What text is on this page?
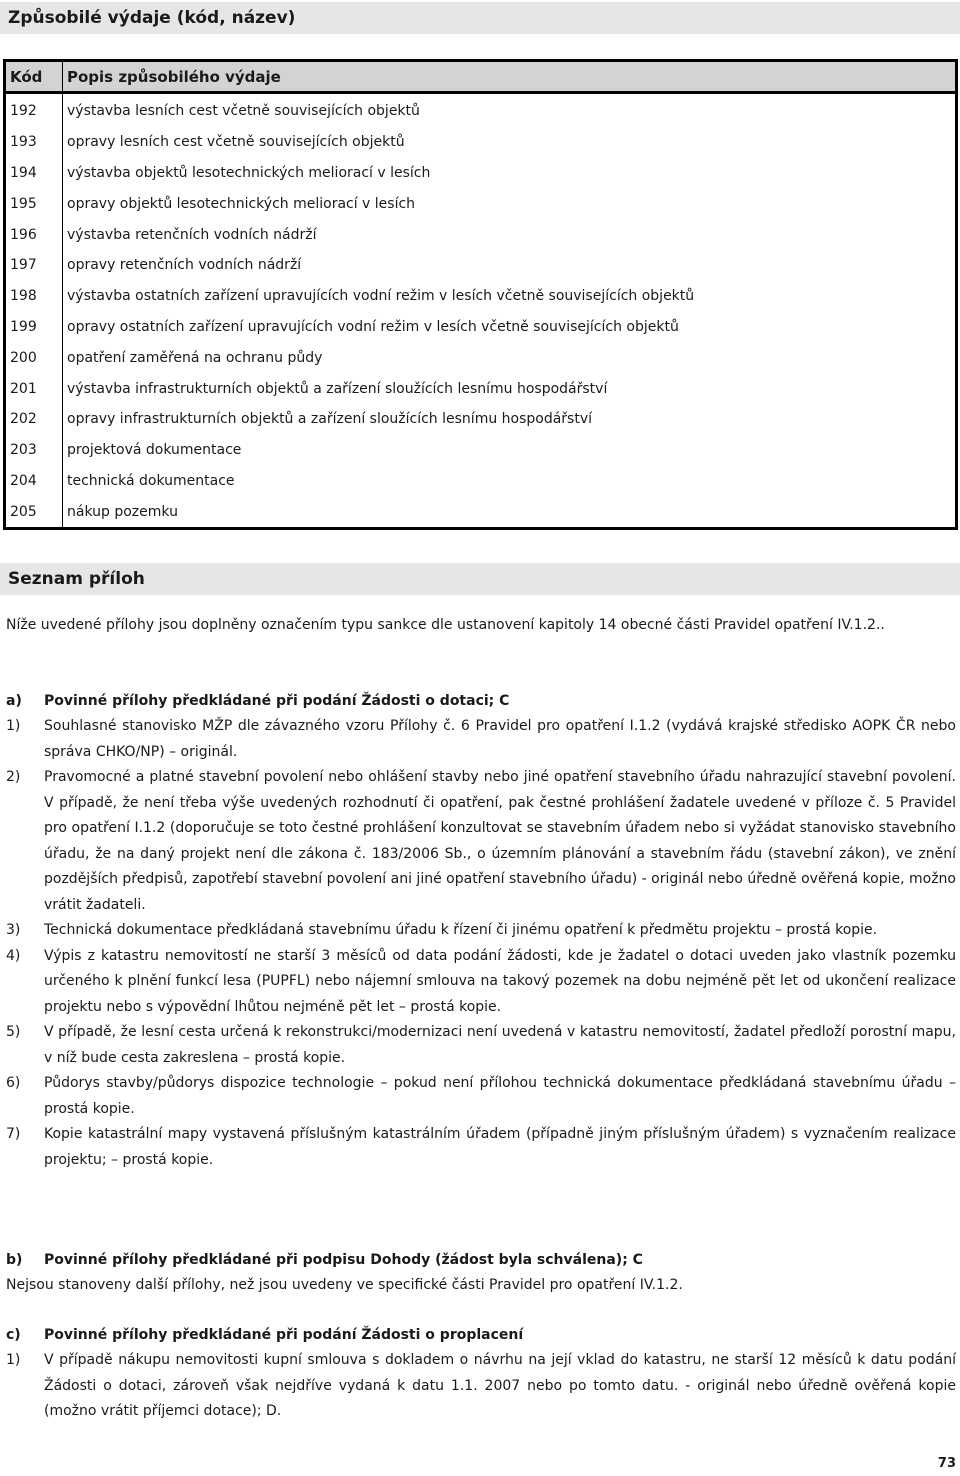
Způsobilé výdaje (kód, název)
Kód	Popis způsobilého výdaje
192	výstavba lesních cest včetně souvisejících objektů
193	opravy lesních cest včetně souvisejících objektů
194	výstavba objektů lesotechnických meliorací v lesích
195	opravy objektů lesotechnických meliorací v lesích
196	výstavba retenčních vodních nádrží
197	opravy retenčních vodních nádrží
198	výstavba ostatních zařízení upravujících vodní režim v lesích včetně souvisejících objektů
199	opravy ostatních zařízení upravujících vodní režim v lesích včetně souvisejících objektů
200	opatření zaměřená na ochranu půdy
201	výstavba infrastrukturních objektů a zařízení sloužících lesnímu hospodářství
202	opravy infrastrukturních objektů a zařízení sloužících lesnímu hospodářství
203	projektová dokumentace
204	technická dokumentace
205	nákup pozemku
Seznam příloh
Níže uvedené přílohy jsou doplněny označením typu sankce dle ustanovení kapitoly 14 obecné části Pravidel opatření IV.1.2..
a) Povinné přílohy předkládané při podání Žádosti o dotaci; C
1)	Souhlasné stanovisko MŽP dle závazného vzoru Přílohy č. 6 Pravidel pro opatření I.1.2 (vydává krajské středisko AOPK ČR nebo správa CHKO/NP) – originál.
2)	Pravomocné a platné stavební povolení nebo ohlášení stavby nebo jiné opatření stavebního úřadu nahrazující stavební povolení. V případě, že není třeba výše uvedených rozhodnutí či opatření, pak čestné prohlášení žadatele uvedené v příloze č. 5 Pravidel pro opatření I.1.2 (doporučuje se toto čestné prohlášení konzultovat se stavebním úřadem nebo si vyžádat stanovisko stavebního úřadu, že na daný projekt není dle zákona č. 183/2006 Sb., o územním plánování a stavebním řádu (stavební zákon), ve znění pozdějších předpisů, zapotřebí stavební povolení ani jiné opatření stavebního úřadu) - originál nebo úředně ověřená kopie, možno vrátit žadateli.
3)	Technická dokumentace předkládaná stavebnímu úřadu k řízení či jinému opatření k předmětu projektu – prostá kopie.
4)	Výpis z katastru nemovitostí ne starší 3 měsíců od data podání žádosti, kde je žadatel o dotaci uveden jako vlastník pozemku určeného k plnění funkcí lesa (PUPFL) nebo nájemní smlouva na takový pozemek na dobu nejméně pět let od ukončení realizace projektu nebo s výpovědní lhůtou nejméně pět let – prostá kopie.
5)	V případě, že lesní cesta určená k rekonstrukci/modernizaci není uvedená v katastru nemovitostí, žadatel předloží porostní mapu, v níž bude cesta zakreslena – prostá kopie.
6)	Půdorys stavby/půdorys dispozice technologie – pokud není přílohou technická dokumentace předkládaná stavebnímu úřadu – prostá kopie.
7)	Kopie katastrální mapy vystavená příslušným katastrálním úřadem (případně jiným příslušným úřadem) s vyznačením realizace projektu; – prostá kopie.
b) Povinné přílohy předkládané při podpisu Dohody (žádost byla schválena); C
Nejsou stanoveny další přílohy, než jsou uvedeny ve specifické části Pravidel pro opatření IV.1.2.
c) Povinné přílohy předkládané při podání Žádosti o proplacení
1)	V případě nákupu nemovitosti kupní smlouva s dokladem o návrhu na její vklad do katastru, ne starší 12 měsíců k datu podání Žádosti o dotaci, zároveň však nejdříve vydaná k datu 1.1. 2007 nebo po tomto datu. - originál nebo úředně ověřená kopie (možno vrátit příjemci dotace); D.
73
